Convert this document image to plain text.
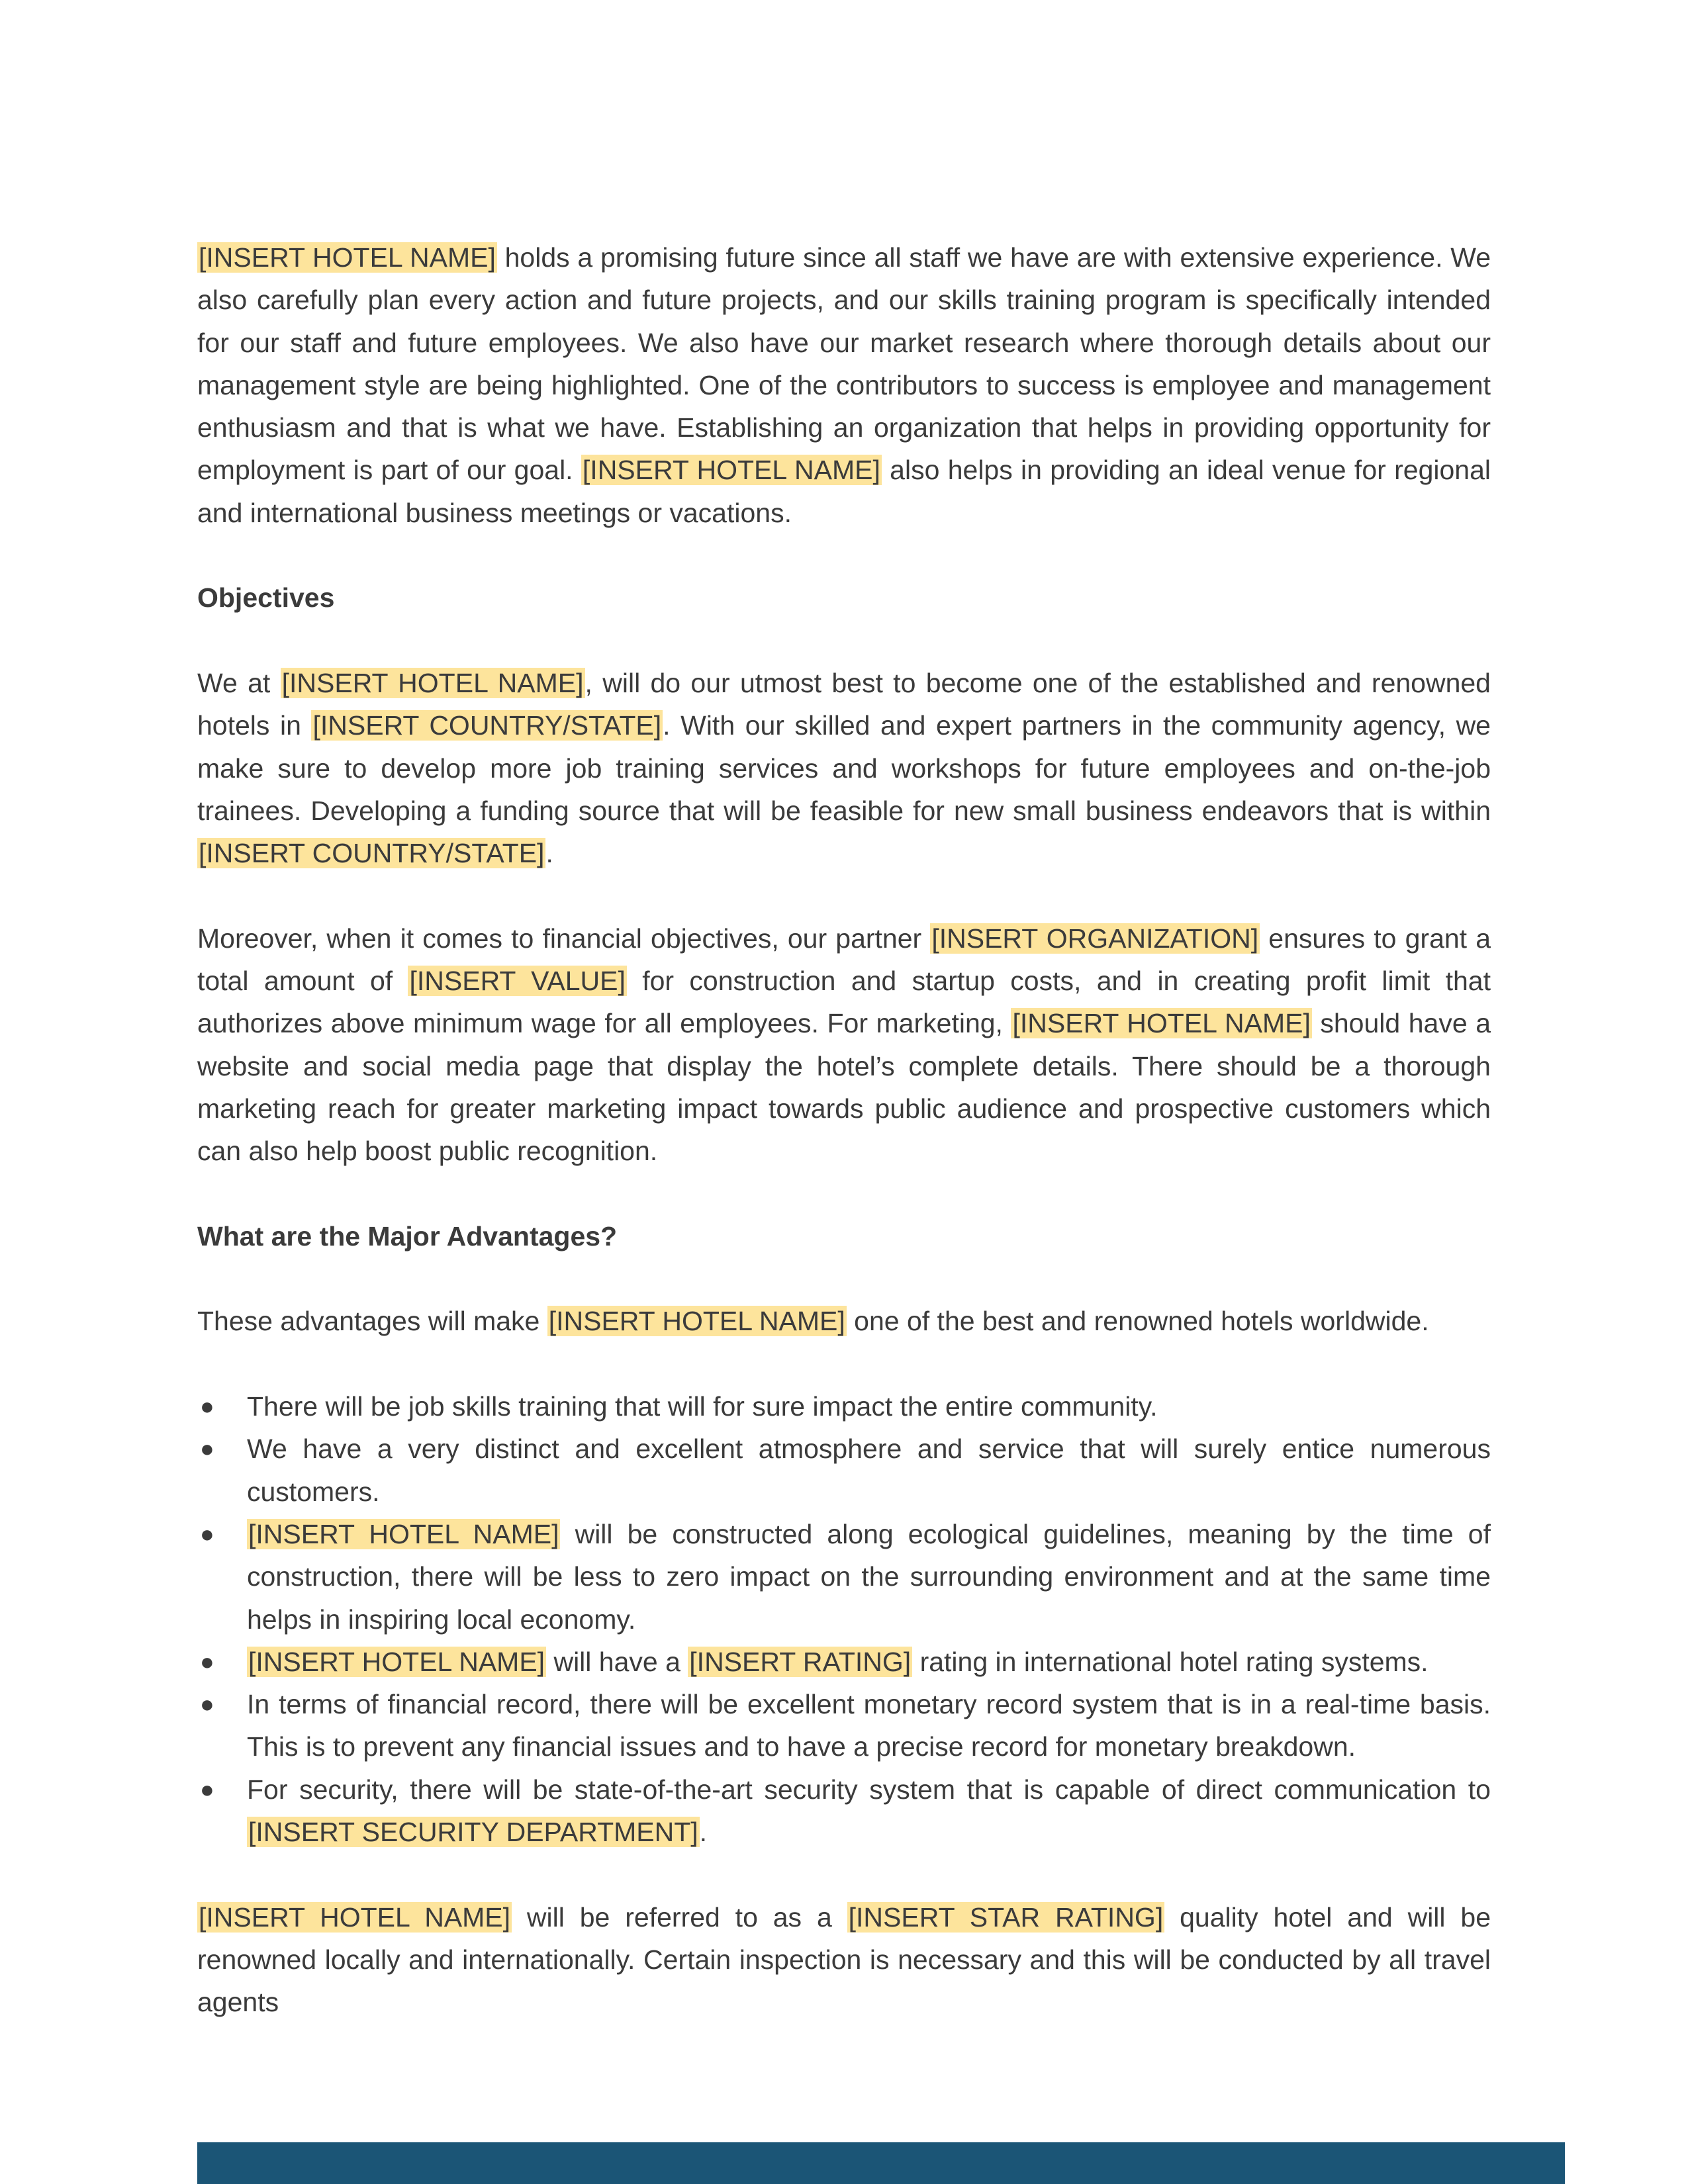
[INSERT HOTEL NAME] holds a promising future since all staff we have are with extensive experience. We also carefully plan every action and future projects, and our skills training program is specifically intended for our staff and future employees. We also have our market research where thorough details about our management style are being highlighted. One of the contributors to success is employee and management enthusiasm and that is what we have. Establishing an organization that helps in providing opportunity for employment is part of our goal. [INSERT HOTEL NAME] also helps in providing an ideal venue for regional and international business meetings or vacations.

Objectives

We at [INSERT HOTEL NAME], will do our utmost best to become one of the established and renowned hotels in [INSERT COUNTRY/STATE]. With our skilled and expert partners in the community agency, we make sure to develop more job training services and workshops for future employees and on-the-job trainees. Developing a funding source that will be feasible for new small business endeavors that is within [INSERT COUNTRY/STATE].

Moreover, when it comes to financial objectives, our partner [INSERT ORGANIZATION] ensures to grant a total amount of [INSERT VALUE] for construction and startup costs, and in creating profit limit that authorizes above minimum wage for all employees. For marketing, [INSERT HOTEL NAME] should have a website and social media page that display the hotel’s complete details. There should be a thorough marketing reach for greater marketing impact towards public audience and prospective customers which can also help boost public recognition.

What are the Major Advantages?

These advantages will make [INSERT HOTEL NAME] one of the best and renowned hotels worldwide.

● There will be job skills training that will for sure impact the entire community.
● We have a very distinct and excellent atmosphere and service that will surely entice numerous customers.
● [INSERT HOTEL NAME] will be constructed along ecological guidelines, meaning by the time of construction, there will be less to zero impact on the surrounding environment and at the same time helps in inspiring local economy.
● [INSERT HOTEL NAME] will have a [INSERT RATING] rating in international hotel rating systems.
● In terms of financial record, there will be excellent monetary record system that is in a real-time basis. This is to prevent any financial issues and to have a precise record for monetary breakdown.
● For security, there will be state-of-the-art security system that is capable of direct communication to [INSERT SECURITY DEPARTMENT].

[INSERT HOTEL NAME] will be referred to as a [INSERT STAR RATING] quality hotel and will be renowned locally and internationally. Certain inspection is necessary and this will be conducted by all travel agents
